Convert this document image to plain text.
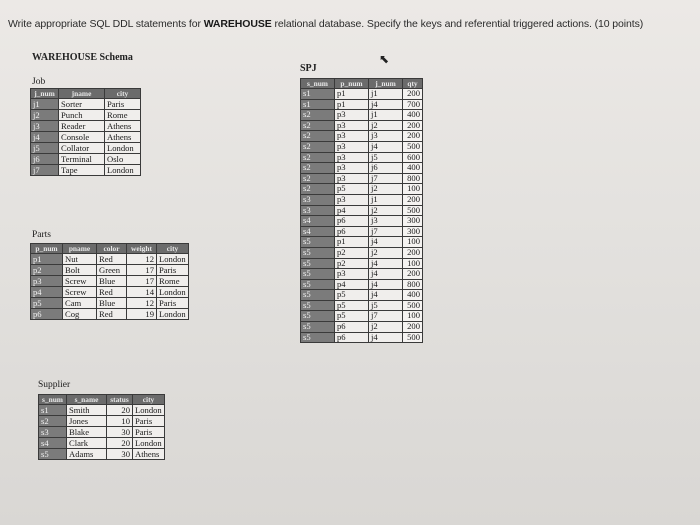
Write appropriate SQL DDL statements for WAREHOUSE relational database. Specify the keys and referential triggered actions. (10 points)
⬉
WAREHOUSE Schema
Job
j_num	jname	city
j1	Sorter	Paris
j2	Punch	Rome
j3	Reader	Athens
j4	Console	Athens
j5	Collator	London
j6	Terminal	Oslo
j7	Tape	London
Parts
p_num	pname	color	weight	city
p1	Nut	Red	12	London
p2	Bolt	Green	17	Paris
p3	Screw	Blue	17	Rome
p4	Screw	Red	14	London
p5	Cam	Blue	12	Paris
p6	Cog	Red	19	London
Supplier
s_num	s_name	status	city
s1	Smith	20	London
s2	Jones	10	Paris
s3	Blake	30	Paris
s4	Clark	20	London
s5	Adams	30	Athens
SPJ
s_num	p_num	j_num	qty
s1	p1	j1	200
s1	p1	j4	700
s2	p3	j1	400
s2	p3	j2	200
s2	p3	j3	200
s2	p3	j4	500
s2	p3	j5	600
s2	p3	j6	400
s2	p3	j7	800
s2	p5	j2	100
s3	p3	j1	200
s3	p4	j2	500
s4	p6	j3	300
s4	p6	j7	300
s5	p1	j4	100
s5	p2	j2	200
s5	p2	j4	100
s5	p3	j4	200
s5	p4	j4	800
s5	p5	j4	400
s5	p5	j5	500
s5	p5	j7	100
s5	p6	j2	200
s5	p6	j4	500
